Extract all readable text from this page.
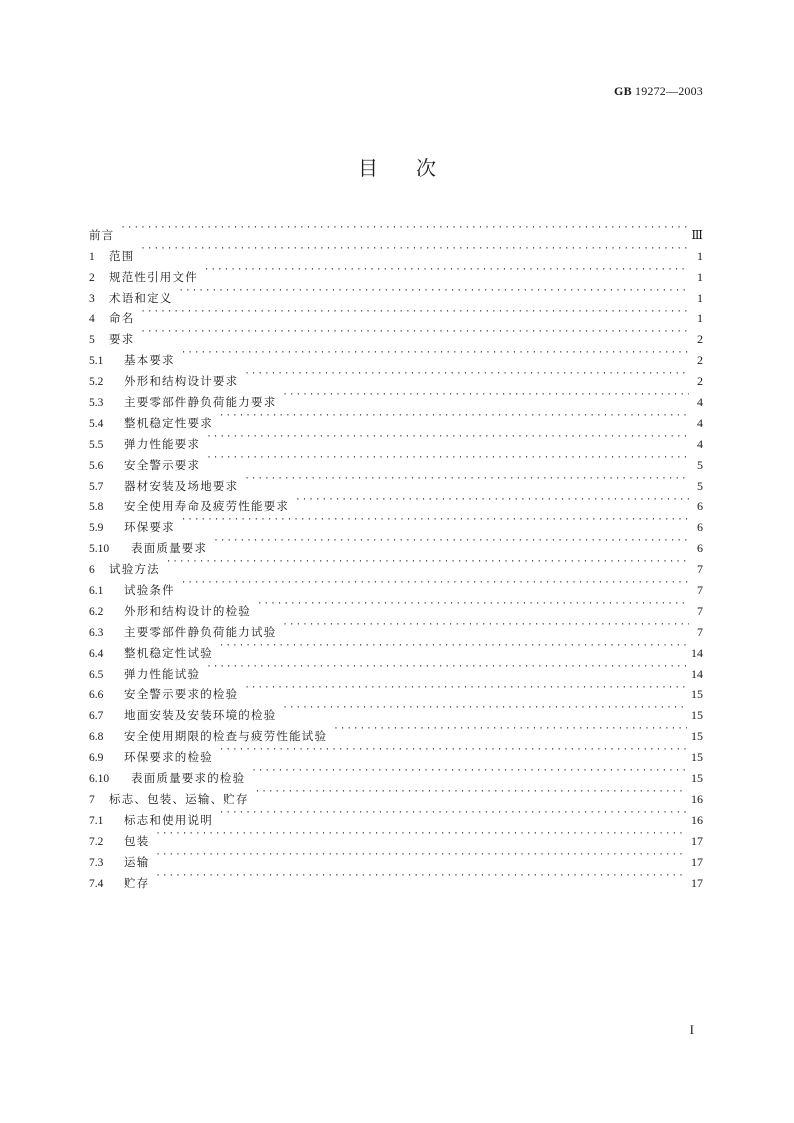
GB 19272—2003
目次
前言 ·····	Ⅲ
1	范围 ·····	1
2	规范性引用文件 ·····	1
3	术语和定义 ·····	1
4	命名 ·····	1
5	要求 ·····	2
5.1	基本要求 ·····	2
5.2	外形和结构设计要求 ·····	2
5.3	主要零部件静负荷能力要求 ·····	4
5.4	整机稳定性要求 ·····	4
5.5	弹力性能要求 ·····	4
5.6	安全警示要求 ·····	5
5.7	器材安装及场地要求 ·····	5
5.8	安全使用寿命及疲劳性能要求 ·····	6
5.9	环保要求 ·····	6
5.10	表面质量要求 ·····	6
6	试验方法 ·····	7
6.1	试验条件 ·····	7
6.2	外形和结构设计的检验 ·····	7
6.3	主要零部件静负荷能力试验 ·····	7
6.4	整机稳定性试验 ·····	14
6.5	弹力性能试验 ·····	14
6.6	安全警示要求的检验 ·····	15
6.7	地面安装及安装环境的检验 ·····	15
6.8	安全使用期限的检查与疲劳性能试验 ·····	15
6.9	环保要求的检验 ·····	15
6.10	表面质量要求的检验 ·····	15
7	标志、包装、运输、贮存 ·····	16
7.1	标志和使用说明 ·····	16
7.2	包装 ·····	17
7.3	运输 ·····	17
7.4	贮存 ·····	17
I
